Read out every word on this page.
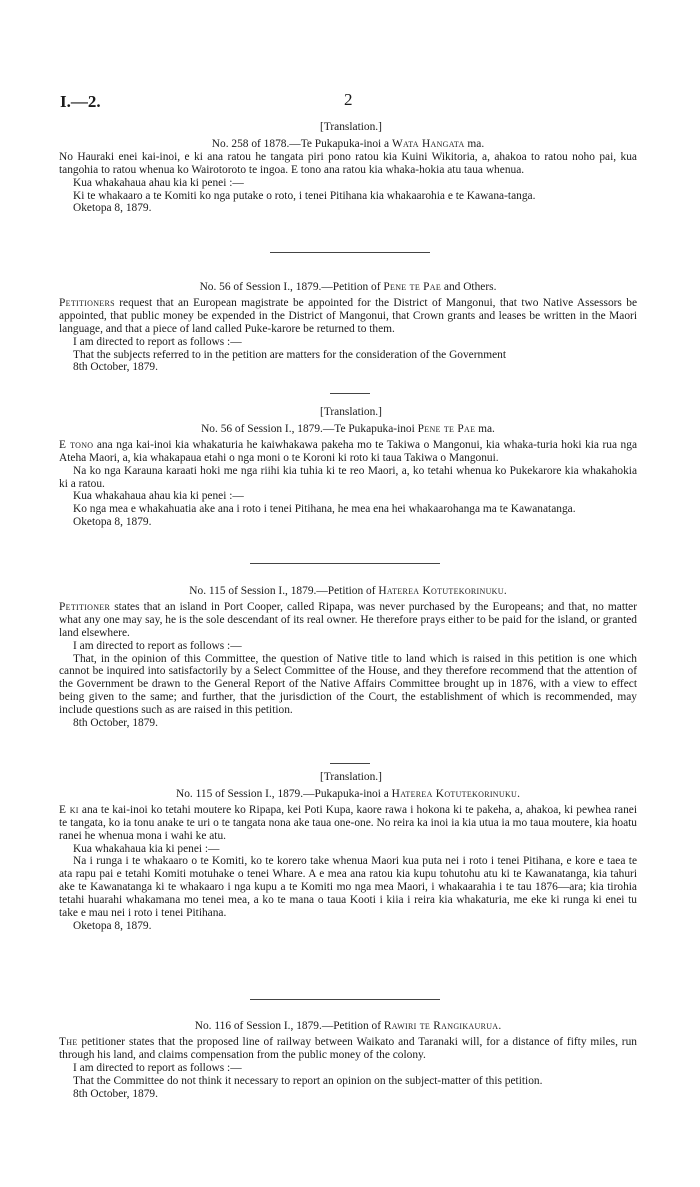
I.—2.	2
[Translation.]
No. 258 of 1878.—Te Pukapuka-inoi a Wata Hangata ma.
No Hauraki enei kai-inoi, e ki ana ratou he tangata piri pono ratou kia Kuini Wikitoria, a, ahakoa to ratou noho pai, kua tangohia to ratou whenua ko Wairotoroto te ingoa. E tono ana ratou kia whaka-hokia atu taua whenua.
Kua whakahaua ahau kia ki penei :—
Ki te whakaaro a te Komiti ko nga putake o roto, i tenei Pitihana kia whakaarohia e te Kawana-tanga.
Oketopa 8, 1879.
No. 56 of Session I., 1879.—Petition of Pene te Pae and Others.
Petitioners request that an European magistrate be appointed for the District of Mangonui, that two Native Assessors be appointed, that public money be expended in the District of Mangonui, that Crown grants and leases be written in the Maori language, and that a piece of land called Puke-karore be returned to them.
I am directed to report as follows :—
That the subjects referred to in the petition are matters for the consideration of the Government
8th October, 1879.
[Translation.]
No. 56 of Session I., 1879.—Te Pukapuka-inoi Pene te Pae ma.
E tono ana nga kai-inoi kia whakaturia he kaiwhakawa pakeha mo te Takiwa o Mangonui, kia whaka-turia hoki kia rua nga Ateha Maori, a, kia whakapaua etahi o nga moni o te Koroni ki roto ki taua Takiwa o Mangonui.
Na ko nga Karauna karaati hoki me nga riihi kia tuhia ki te reo Maori, a, ko tetahi whenua ko Pukekarore kia whakahokia ki a ratou.
Kua whakahaua ahau kia ki penei :—
Ko nga mea e whakahuatia ake ana i roto i tenei Pitihana, he mea ena hei whakaarohanga ma te Kawanatanga.
Oketopa 8, 1879.
No. 115 of Session I., 1879.—Petition of Haterea Kotutekorinuku.
Petitioner states that an island in Port Cooper, called Ripapa, was never purchased by the Europeans; and that, no matter what any one may say, he is the sole descendant of its real owner. He therefore prays either to be paid for the island, or granted land elsewhere.
I am directed to report as follows :—
That, in the opinion of this Committee, the question of Native title to land which is raised in this petition is one which cannot be inquired into satisfactorily by a Select Committee of the House, and they therefore recommend that the attention of the Government be drawn to the General Report of the Native Affairs Committee brought up in 1876, with a view to effect being given to the same; and further, that the jurisdiction of the Court, the establishment of which is recommended, may include questions such as are raised in this petition.
8th October, 1879.
[Translation.]
No. 115 of Session I., 1879.—Pukapuka-inoi a Haterea Kotutekorinuku.
E ki ana te kai-inoi ko tetahi moutere ko Ripapa, kei Poti Kupa, kaore rawa i hokona ki te pakeha, a, ahakoa, ki pewhea ranei te tangata, ko ia tonu anake te uri o te tangata nona ake taua one-one. No reira ka inoi ia kia utua ia mo taua moutere, kia hoatu ranei he whenua mona i wahi ke atu.
Kua whakahaua kia ki penei :—
Na i runga i te whakaaro o te Komiti, ko te korero take whenua Maori kua puta nei i roto i tenei Pitihana, e kore e taea te ata rapu pai e tetahi Komiti motuhake o tenei Whare. A e mea ana ratou kia kupu tohutohu atu ki te Kawanatanga, kia tahuri ake te Kawanatanga ki te whakaaro i nga kupu a te Komiti mo nga mea Maori, i whakaarahia i te tau 1876—ara; kia tirohia tetahi huarahi whakamana mo tenei mea, a ko te mana o taua Kooti i kiia i reira kia whakaturia, me eke ki runga ki enei tu take e mau nei i roto i tenei Pitihana.
Oketopa 8, 1879.
No. 116 of Session I., 1879.—Petition of Rawiri te Rangikaurua.
The petitioner states that the proposed line of railway between Waikato and Taranaki will, for a distance of fifty miles, run through his land, and claims compensation from the public money of the colony.
I am directed to report as follows :—
That the Committee do not think it necessary to report an opinion on the subject-matter of this petition.
8th October, 1879.
